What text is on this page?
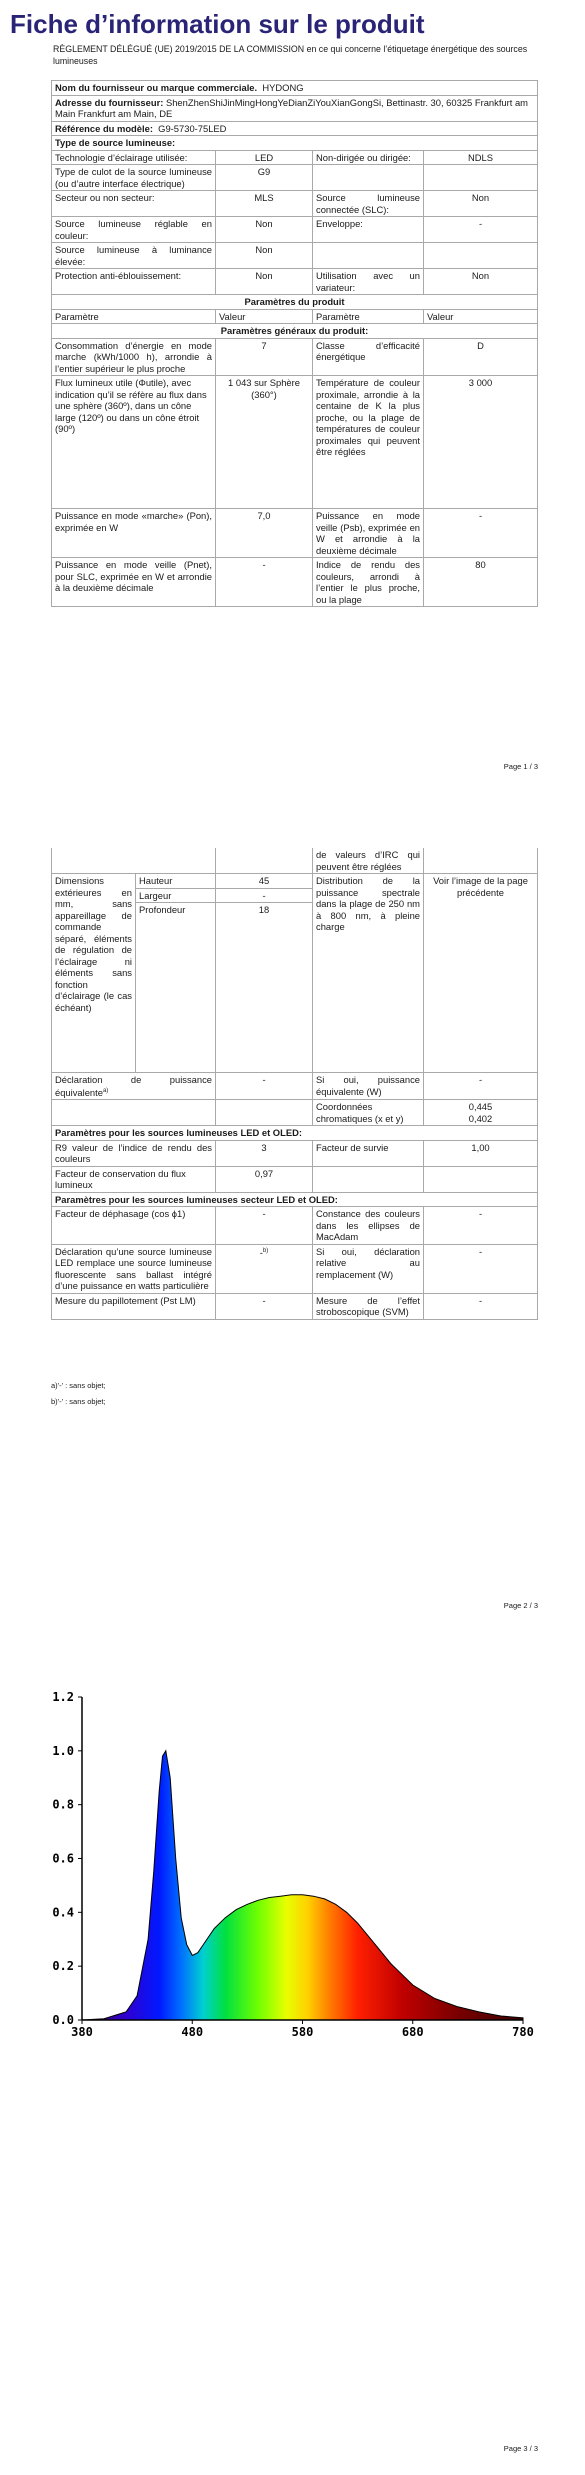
Fiche d’information sur le produit
RÈGLEMENT DÉLÉGUÉ (UE) 2019/2015 DE LA COMMISSION en ce qui concerne l’étiquetage énergétique des sources lumineuses
Nom du fournisseur ou marque commerciale. HYDONG			
Adresse du fournisseur: ShenZhenShiJinMingHongYeDianZiYouXianGongSi, Bettinastr. 30, 60325 Frankfurt am Main Frankfurt am Main, DE			
Référence du modèle: G9-5730-75LED			
Type de source lumineuse:			
Technologie d’éclairage utilisée:	LED	Non-dirigée ou dirigée:	NDLS
Type de culot de la source lumineuse (ou d’autre interface électrique)	G9		
Secteur ou non secteur:	MLS	Source lumineuse connectée (SLC):	Non
Source lumineuse réglable en couleur:	Non	Enveloppe:	-
Source lumineuse à luminance élevée:	Non		
Protection anti-éblouissement:	Non	Utilisation avec un variateur:	Non
Paramètres du produit			
Paramètre	Valeur	Paramètre	Valeur
Paramètres généraux du produit:			
Consommation d’énergie en mode marche (kWh/1000 h), arrondie à l’entier supérieur le plus proche	7	Classe d’efficacité énergétique	D
Flux lumineux utile (Φutile), avec indication qu’il se réfère au flux dans une sphère (360º), dans un cône large (120º) ou dans un cône étroit (90º)	1 043 sur Sphère (360°)	Température de couleur proximale, arrondie à la centaine de K la plus proche, ou la plage de températures de couleur proximales qui peuvent être réglées	3 000
Puissance en mode «marche» (Pon), exprimée en W	7,0	Puissance en mode veille (Psb), exprimée en W et arrondie à la deuxième décimale	-
Puissance en mode veille (Pnet), pour SLC, exprimée en W et arrondie à la deuxième décimale	-	Indice de rendu des couleurs, arrondi à l’entier le plus proche, ou la plage	80
Page 1 / 3
			de valeurs d’IRC qui peuvent être réglées	
Dimensions extérieures en mm, sans appareillage de commande séparé, éléments de régulation de l’éclairage ni éléments sans fonction d’éclairage (le cas échéant)	Hauteur	45	Distribution de la puissance spectrale dans la plage de 250 nm à 800 nm, à pleine charge	Voir l’image de la page précédente
	Largeur	-		
	Profondeur	18		
Déclaration de puissance équivalente$^{a)}$		-	Si oui, puissance équivalente (W)	-
			Coordonnées chromatiques (x et y)	0,445
0,402

Paramètres pour les sources lumineuses LED et OLED:				
R9 valeur de l’indice de rendu des couleurs		3	Facteur de survie	1,00
Facteur de conservation du flux lumineux		0,97		
Paramètres pour les sources lumineuses secteur LED et OLED:				
Facteur de déphasage (cos ϕ1)		-	Constance des couleurs dans les ellipses de MacAdam	-
Déclaration qu’une source lumineuse LED remplace une source lumineuse fluorescente sans ballast intégré d’une puissance en watts particulière		-$^{b)}$	Si oui, déclaration relative au remplacement (W)	-
Mesure du papillotement (Pst LM)		-	Mesure de l’effet stroboscopique (SVM)	-
a)'-' : sans objet;
b)'-' : sans objet;
Page 2 / 3
Page 3 / 3
0.0
0.2
0.4
0.6
0.8
1.0
1.2
380	480	580	680	780
